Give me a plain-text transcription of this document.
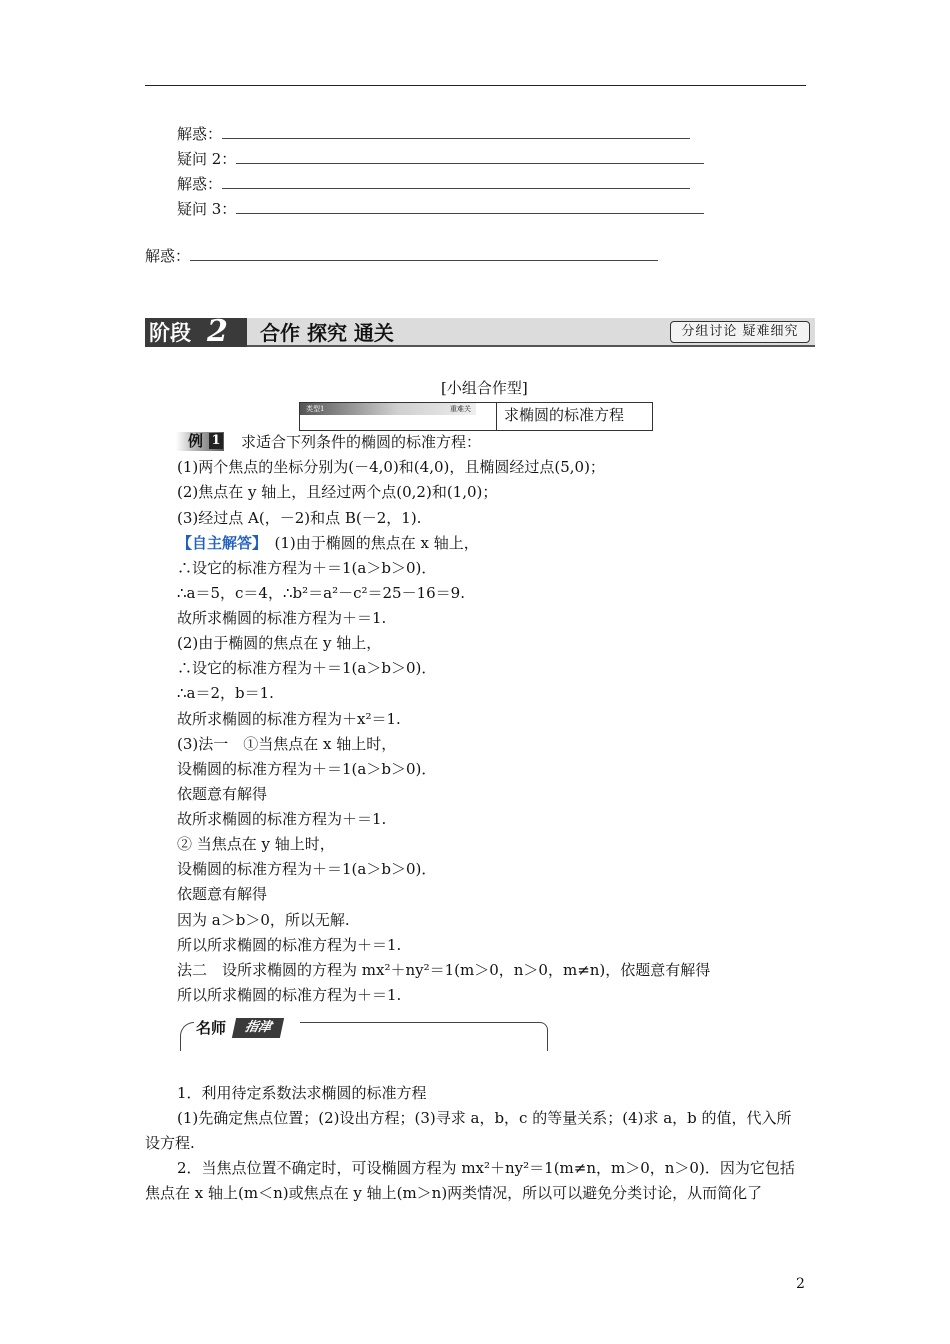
解惑：
疑问 2：
解惑：
疑问 3：
解惑：
阶段 2 合作 探究 通关	分组讨论 疑难细究
[小组合作型]
类型1	重难关 求椭圆的标准方程
例 1 求适合下列条件的椭圆的标准方程：
(1)两个焦点的坐标分别为(－4,0)和(4,0)，且椭圆经过点(5,0)；
(2)焦点在 y 轴上，且经过两个点(0,2)和(1,0)；
(3)经过点 A(，－2)和点 B(－2，1).
【自主解答】　(1)由于椭圆的焦点在 x 轴上，
∴设它的标准方程为＋＝1(a＞b＞0)．
∴a＝5，c＝4，∴b²＝a²－c²＝25－16＝9.
故所求椭圆的标准方程为＋＝1.
(2)由于椭圆的焦点在 y 轴上，
∴设它的标准方程为＋＝1(a＞b＞0)．
∴a＝2，b＝1.
故所求椭圆的标准方程为＋x²＝1.
(3)法一　①当焦点在 x 轴上时，
设椭圆的标准方程为＋＝1(a＞b＞0)．
依题意有解得
故所求椭圆的标准方程为＋＝1.
② 当焦点在 y 轴上时，
设椭圆的标准方程为＋＝1(a＞b＞0)．
依题意有解得
因为 a＞b＞0，所以无解.
所以所求椭圆的标准方程为＋＝1.
法二　设所求椭圆的方程为 mx²＋ny²＝1(m＞0，n＞0，m≠n)，依题意有解得
所以所求椭圆的标准方程为＋＝1.
名师	指津
1．利用待定系数法求椭圆的标准方程
(1)先确定焦点位置；(2)设出方程；(3)寻求 a，b，c 的等量关系；(4)求 a，b 的值，代入所
设方程.
2．当焦点位置不确定时，可设椭圆方程为 mx²＋ny²＝1(m≠n，m＞0，n＞0)．因为它包括
焦点在 x 轴上(m＜n)或焦点在 y 轴上(m＞n)两类情况，所以可以避免分类讨论，从而简化了
2
